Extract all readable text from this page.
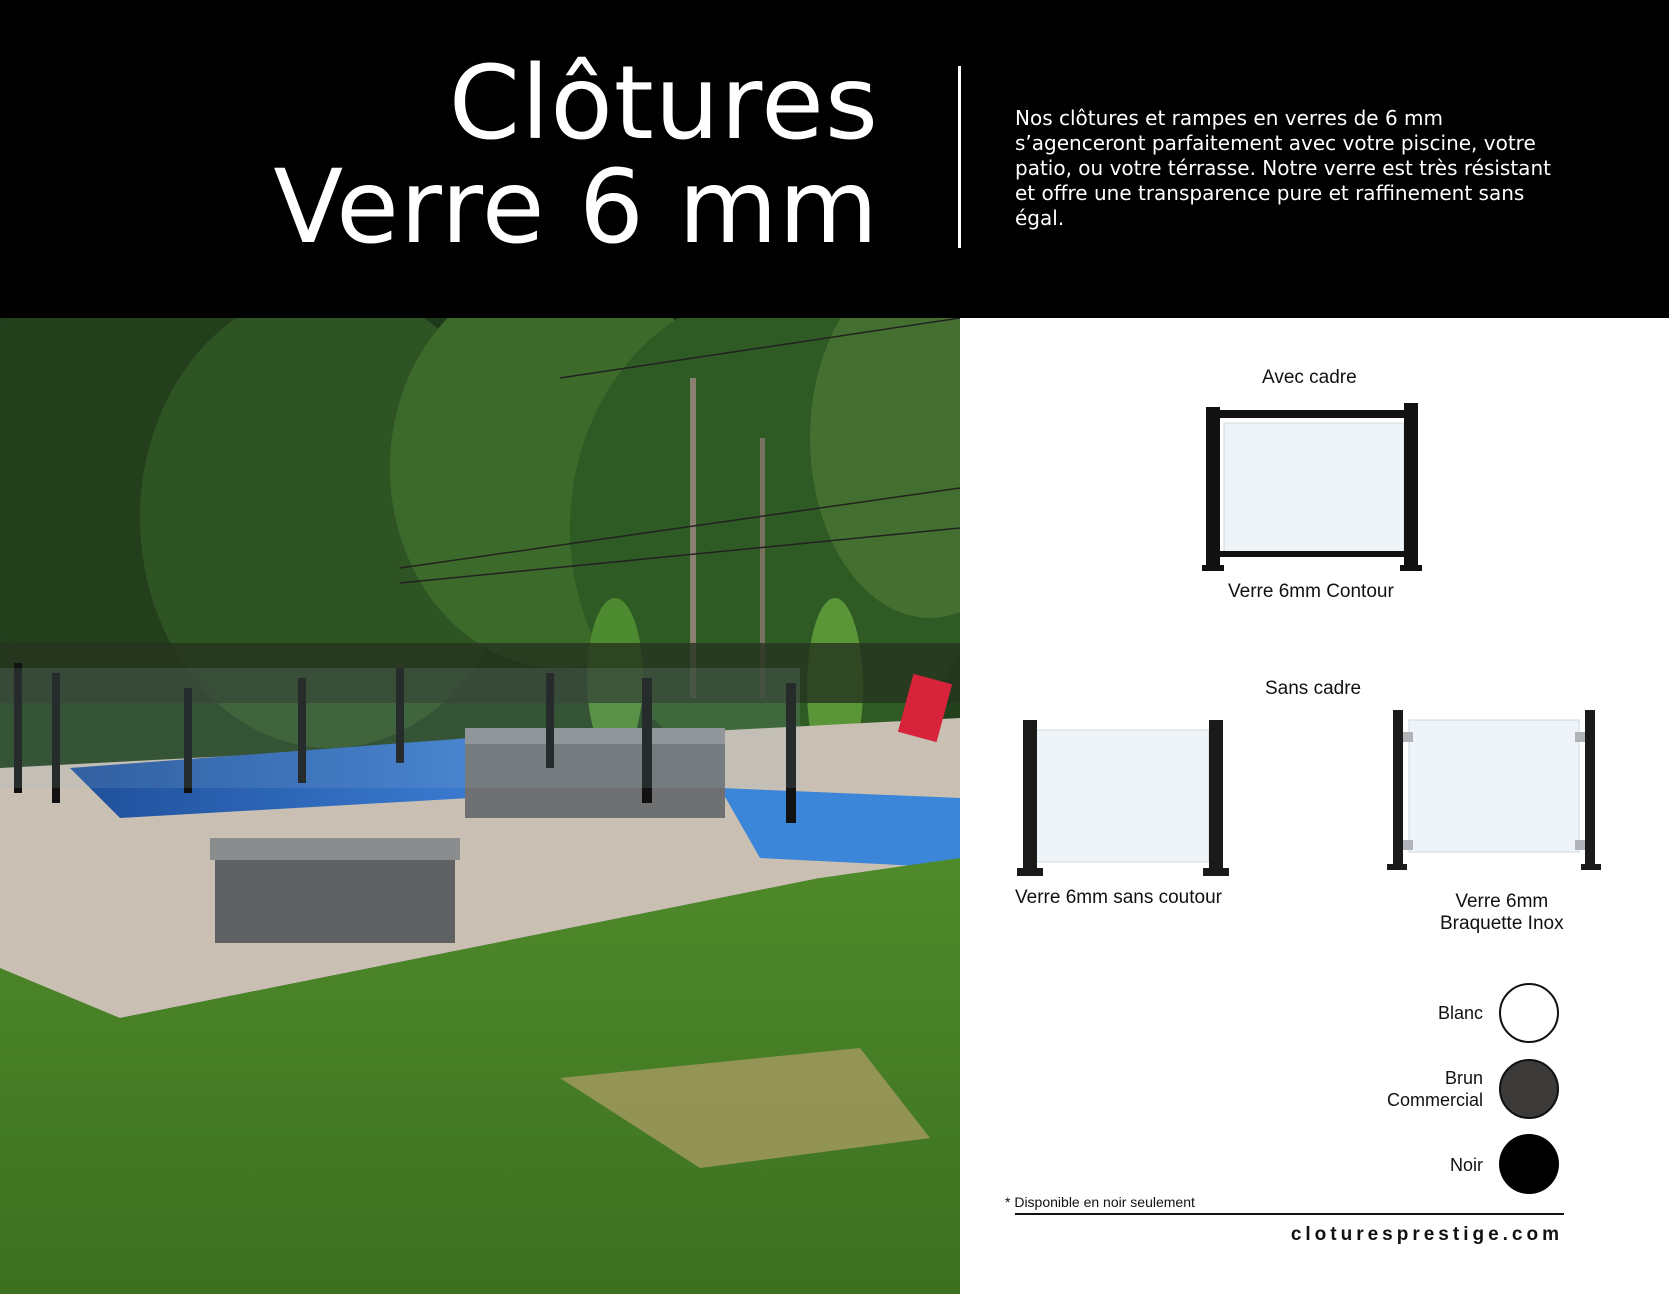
Clôtures
Verre 6 mm
Nos clôtures et rampes en verres de 6 mm s’agenceront parfaitement avec votre piscine, votre patio, ou votre térrasse. Notre verre est très résistant et offre une transparence pure et raffinement sans égal.
Avec cadre
Verre 6mm Contour
Sans cadre
Verre 6mm sans coutour	Verre 6mm
Braquette Inox
Blanc
Brun
Commercial
Noir
* Disponible en noir seulement
cloturesprestige.com
